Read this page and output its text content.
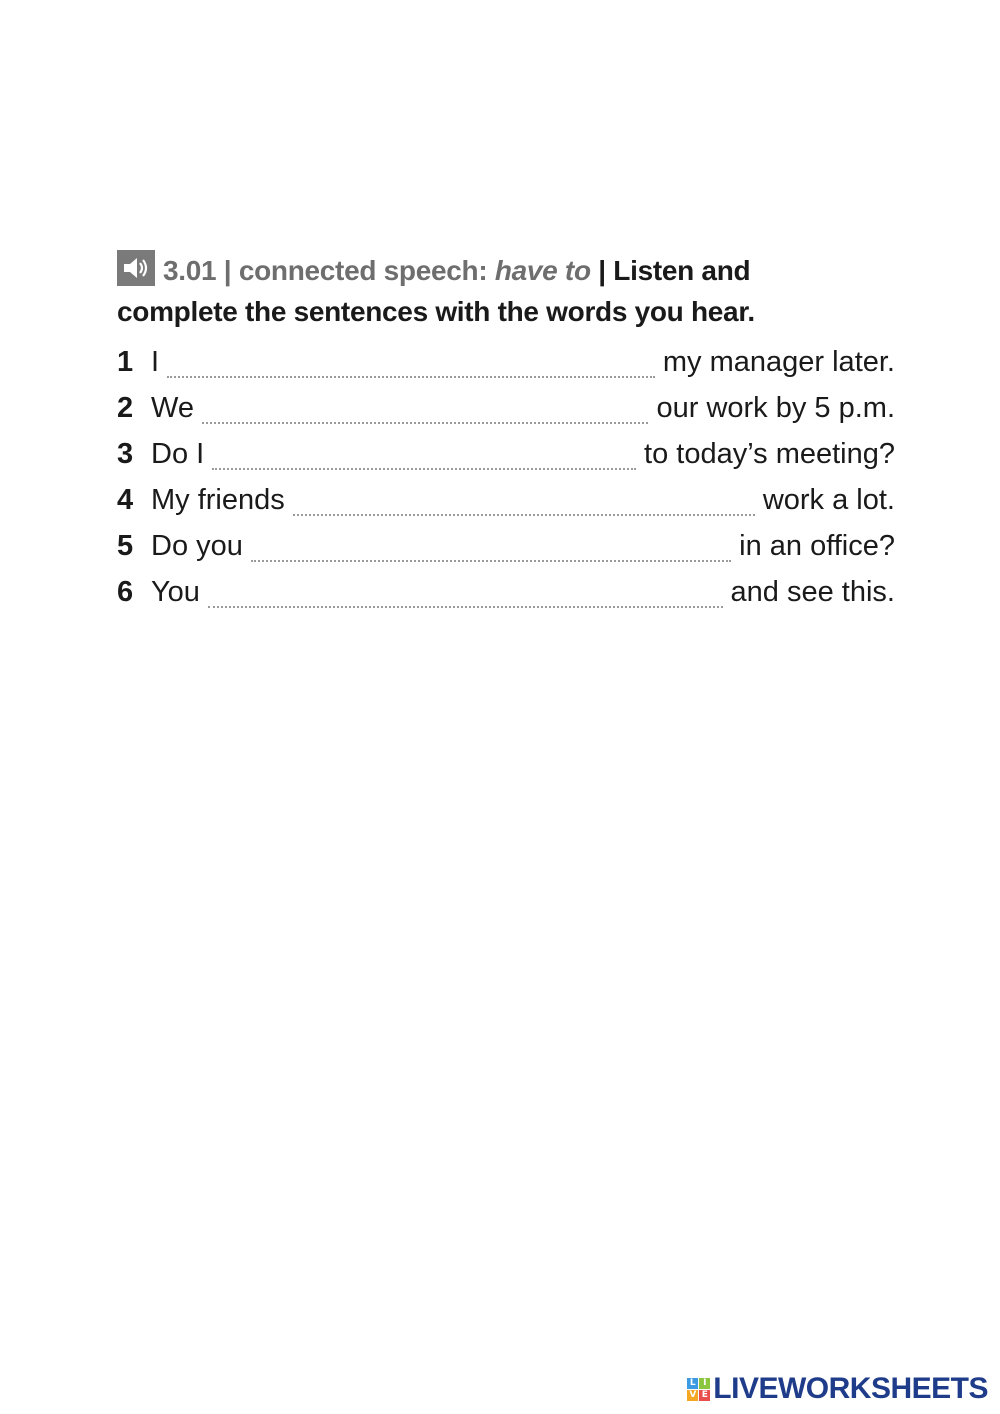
3.01 | connected speech: have to | Listen and
complete the sentences with the words you hear.
1 I	my manager later.
2 We	our work by 5 p.m.
3 Do I	to today’s meeting?
4 My friends	work a lot.
5 Do you	in an office?
6 You	and see this.
L I
V E LIVEWORKSHEETS
